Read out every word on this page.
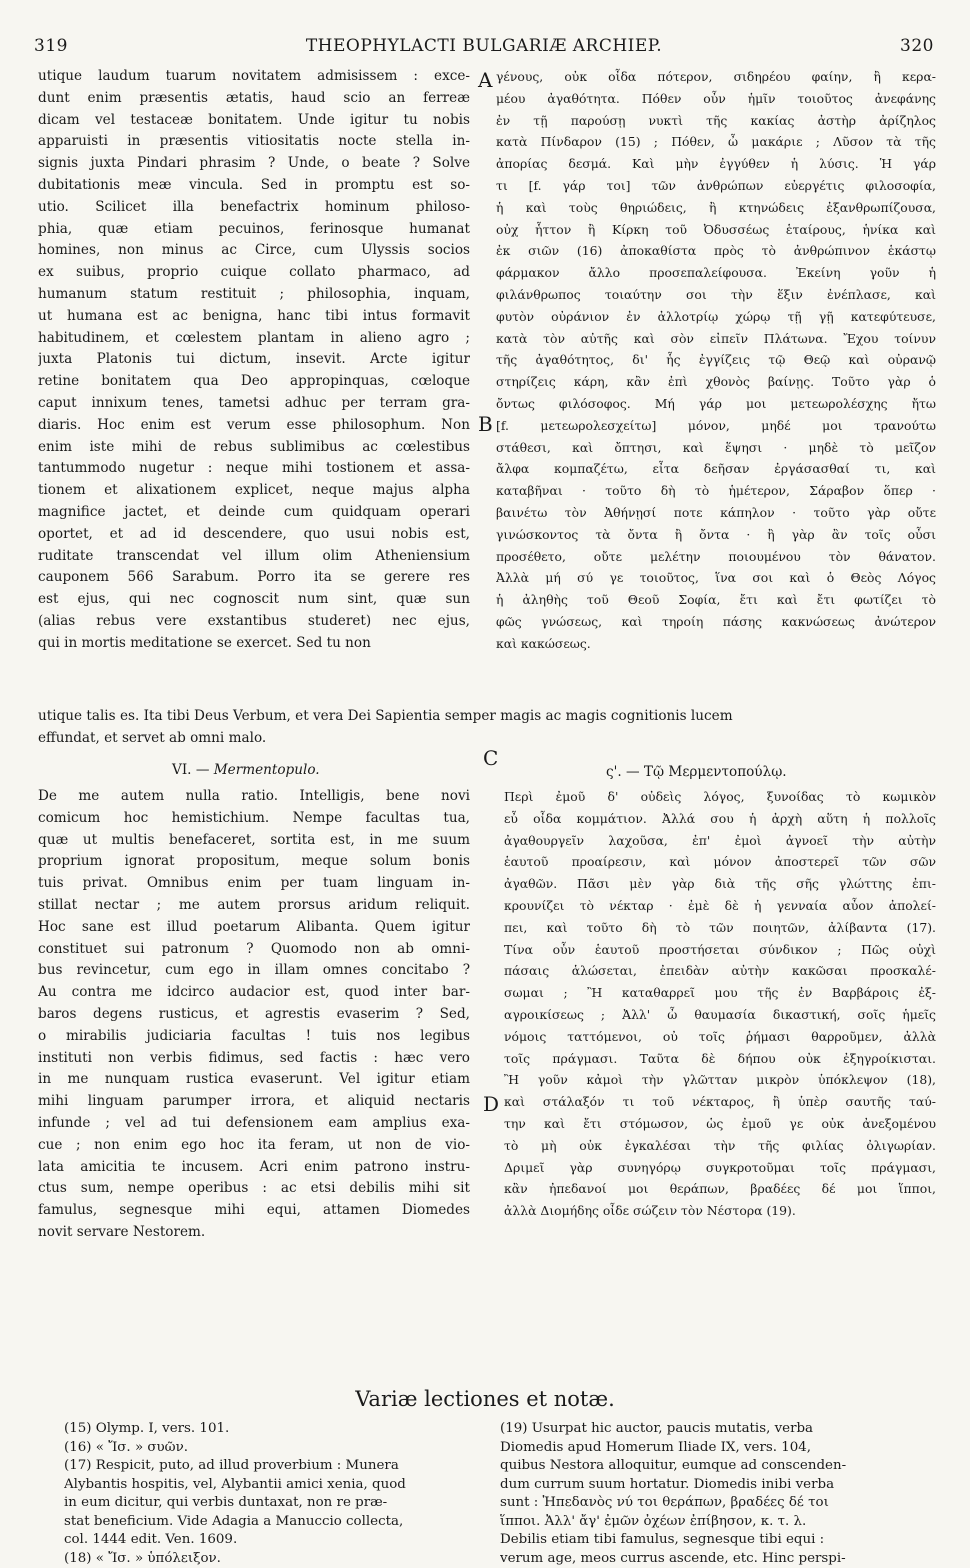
319	THEOPHYLACTI BULGARIÆ ARCHIEP.	320
utique laudum tuarum novitatem admisissem : exce-
dunt enim præsentis ætatis, haud scio an ferreæ
dicam vel testaceæ bonitatem. Unde igitur tu nobis
apparuisti in præsentis vitiositatis nocte stella in-
signis juxta Pindari phrasim ? Unde, o beate ? Solve
dubitationis meæ vincula. Sed in promptu est so-
utio. Scilicet illa benefactrix hominum philoso-
phia, quæ etiam pecuinos, ferinosque humanat
homines, non minus ac Circe, cum Ulyssis socios
ex suibus, proprio cuique collato pharmaco, ad
humanum statum restituit ; philosophia, inquam,
ut humana est ac benigna, hanc tibi intus formavit
habitudinem, et cœlestem plantam in alieno agro ;
juxta Platonis tui dictum, insevit. Arcte igitur
retine bonitatem qua Deo appropinquas, cœloque
caput innixum tenes, tametsi adhuc per terram gra-
diaris. Hoc enim est verum esse philosophum. Non
enim iste mihi de rebus sublimibus ac cœlestibus
tantummodo nugetur : neque mihi tostionem et assa-
tionem et alixationem explicet, neque majus alpha
magnifice jactet, et deinde cum quidquam operari
oportet, et ad id descendere, quo usui nobis est,
ruditate transcendat vel illum olim Atheniensium
cauponem 566 Sarabum. Porro ita se gerere res
est ejus, qui nec cognoscit num sint, quæ sun
(alias rebus vere exstantibus studeret) nec ejus,
qui in mortis meditatione se exercet. Sed tu non
γένους, οὐκ οἶδα πότερον, σιδηρέου φαίην, ἢ κερα-
μέου ἀγαθότητα. Πόθεν οὖν ἡμῖν τοιοῦτος ἀνεφάνης
ἐν τῇ παρούσῃ νυκτὶ τῆς κακίας ἀστὴρ ἀρίζηλος
κατὰ Πίνδαρον (15) ; Πόθεν, ὦ μακάριε ; Λῦσον τὰ τῆς
ἀπορίας δεσμά. Καὶ μὴν ἐγγύθεν ἡ λύσις. Ἡ γάρ
τι [f. γάρ τοι] τῶν ἀνθρώπων εὐεργέτις φιλοσοφία,
ἡ καὶ τοὺς θηριώδεις, ἢ κτηνώδεις ἐξανθρωπίζουσα,
οὐχ ἧττον ἢ Κίρκη τοῦ Ὀδυσσέως ἑταίρους, ἡνίκα καὶ
ἐκ σιῶν (16) ἀποκαθίστα πρὸς τὸ ἀνθρώπινον ἑκάστῳ
φάρμακον ἄλλο προσεπαλείφουσα. Ἐκείνη γοῦν ἡ
φιλάνθρωπος τοιαύτην σοι τὴν ἕξιν ἐνέπλασε, καὶ
φυτὸν οὐράνιον ἐν ἀλλοτρίῳ χώρῳ τῇ γῇ κατεφύτευσε,
κατὰ τὸν αὐτῆς καὶ σὸν εἰπεῖν Πλάτωνα. Ἔχου τοίνυν
τῆς ἀγαθότητος, δι' ἧς ἐγγίζεις τῷ Θεῷ καὶ οὐρανῷ
στηρίζεις κάρη, κἂν ἐπὶ χθονὸς βαίνῃς. Τοῦτο γὰρ ὁ
ὄντως φιλόσοφος. Μή γάρ μοι μετεωρολέσχης ἤτω
[f. μετεωρολεσχείτω] μόνον, μηδέ μοι τρανούτω
στάθεσι, καὶ ὄπτησι, καὶ ἕψησι · μηδὲ τὸ μεῖζον
ἄλφα κομπαζέτω, εἶτα δεῆσαν ἐργάσασθαί τι, καὶ
καταβῆναι · τοῦτο δὴ τὸ ἡμέτερον, Σάραβον ὅπερ ·
βαινέτω τὸν Ἀθήνῃσί ποτε κάπηλον · τοῦτο γὰρ οὔτε
γινώσκοντος τὰ ὄντα ἢ ὄντα · ἢ γὰρ ἂν τοῖς οὖσι
προσέθετο, οὔτε μελέτην ποιουμένου τὸν θάνατον.
Ἀλλὰ μή σύ γε τοιοῦτος, ἵνα σοι καὶ ὁ Θεὸς Λόγος
ἡ ἀληθὴς τοῦ Θεοῦ Σοφία, ἔτι καὶ ἔτι φωτίζει τὸ
φῶς γνώσεως, καὶ τηροίη πάσης κακνώσεως ἀνώτερον
καὶ κακώσεως.
A
B
C
D
utique talis es. Ita tibi Deus Verbum, et vera Dei Sapientia semper magis ac magis cognitionis lucem
effundat, et servet ab omni malo.
VI. — Mermentopulo.	ς'. — Τῷ Μερμεντοπούλῳ.
De me autem nulla ratio. Intelligis, bene novi
comicum hoc hemistichium. Nempe facultas tua,
quæ ut multis benefaceret, sortita est, in me suum
proprium ignorat propositum, meque solum bonis
tuis privat. Omnibus enim per tuam linguam in-
stillat nectar ; me autem prorsus aridum reliquit.
Hoc sane est illud poetarum Alibanta. Quem igitur
constituet sui patronum ? Quomodo non ab omni-
bus revincetur, cum ego in illam omnes concitabo ?
Au contra me idcirco audacior est, quod inter bar-
baros degens rusticus, et agrestis evaserim ? Sed,
o mirabilis judiciaria facultas ! tuis nos legibus
instituti non verbis fidimus, sed factis : hæc vero
in me nunquam rustica evaserunt. Vel igitur etiam
mihi linguam parumper irrora, et aliquid nectaris
infunde ; vel ad tui defensionem eam amplius exa-
cue ; non enim ego hoc ita feram, ut non de vio-
lata amicitia te incusem. Acri enim patrono instru-
ctus sum, nempe operibus : ac etsi debilis mihi sit
famulus, segnesque mihi equi, attamen Diomedes
novit servare Nestorem.
Περὶ ἐμοῦ δ' οὐδεὶς λόγος, ξυνοίδας τὸ κωμικὸν
εὖ οἶδα κομμάτιον. Ἀλλά σου ἡ ἀρχὴ αὕτη ἡ πολλοῖς
ἀγαθουργεῖν λαχοῦσα, ἐπ' ἐμοὶ ἀγνοεῖ τὴν αὐτὴν
ἑαυτοῦ προαίρεσιν, καὶ μόνον ἀποστερεῖ τῶν σῶν
ἀγαθῶν. Πᾶσι μὲν γὰρ διὰ τῆς σῆς γλώττης ἐπι-
κρουνίζει τὸ νέκταρ · ἐμὲ δὲ ἡ γενναία αὖον ἀπολεί-
πει, καὶ τοῦτο δὴ τὸ τῶν ποιητῶν, ἀλίβαντα (17).
Τίνα οὖν ἑαυτοῦ προστήσεται σύνδικον ; Πῶς οὐχὶ
πάσαις ἁλώσεται, ἐπειδὰν αὐτὴν κακῶσαι προσκαλέ-
σωμαι ; Ἢ καταθαρρεῖ μου τῆς ἐν Βαρβάροις ἐξ-
αγροικίσεως ; Ἀλλ' ὦ θαυμασία δικαστική, σοῖς ἡμεῖς
νόμοις ταττόμενοι, οὐ τοῖς ῥήμασι θαρροῦμεν, ἀλλὰ
τοῖς πράγμασι. Ταῦτα δὲ δήπου οὐκ ἐξηγροίκισται.
Ἢ γοῦν κἀμοὶ τὴν γλῶτταν μικρὸν ὑπόκλεψον (18),
καὶ στάλαξόν τι τοῦ νέκταρος, ἢ ὑπὲρ σαυτῆς ταύ-
την καὶ ἔτι στόμωσον, ὡς ἐμοῦ γε οὐκ ἀνεξομένου
τὸ μὴ οὐκ ἐγκαλέσαι τὴν τῆς φιλίας ὀλιγωρίαν.
Δριμεῖ γὰρ συνηγόρῳ συγκροτοῦμαι τοῖς πράγμασι,
κἂν ἠπεδανοί μοι θεράπων, βραδέες δέ μοι ἵπποι,
ἀλλὰ Διομήδης οἶδε σώζειν τὸν Νέστορα (19).
Variæ lectiones et notæ.
(15) Olymp. I, vers. 101.
(16) « Ἴσ. » συῶν.
(17) Respicit, puto, ad illud proverbium : Munera
Alybantis hospitis, vel, Alybantii amici xenia, quod
in eum dicitur, qui verbis duntaxat, non re præ-
stat beneficium. Vide Adagia a Manuccio collecta,
col. 1444 edit. Ven. 1609.
(18) « Ἴσ. » ὑπόλειξον.
(19) Usurpat hic auctor, paucis mutatis, verba
Diomedis apud Homerum Iliade IX, vers. 104,
quibus Nestora alloquitur, eumque ad conscenden-
dum currum suum hortatur. Diomedis inibi verba
sunt : Ἠπεδανὸς νύ τοι θεράπων, βραδέες δέ τοι
ἵπποι. Ἀλλ' ἄγ' ἐμῶν ὀχέων ἐπίβησον, κ. τ. λ.
Debilis etiam tibi famulus, segnesque tibi equi :
verum age, meos currus ascende, etc. Hinc perspi-
